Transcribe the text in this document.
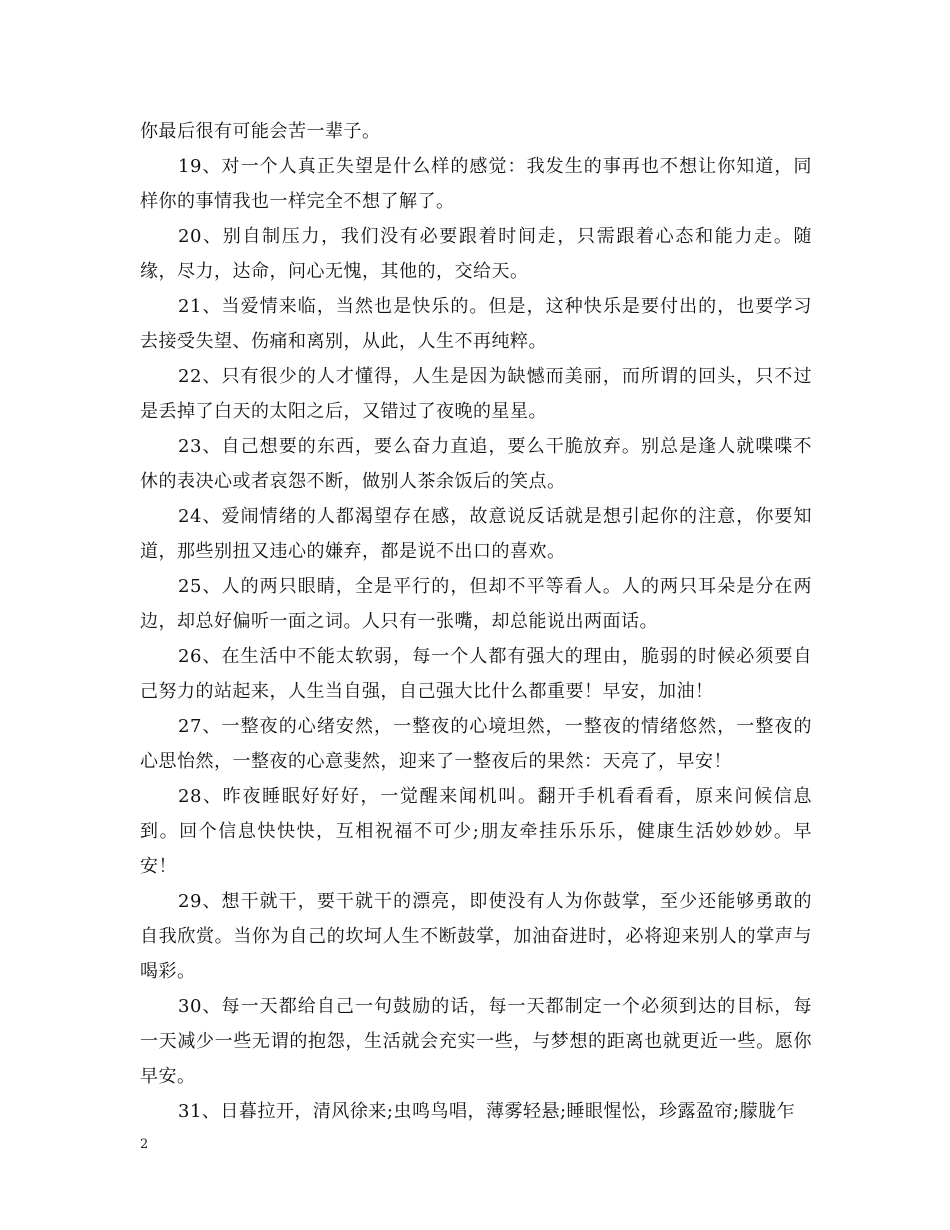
你最后很有可能会苦一辈子。

19、对一个人真正失望是什么样的感觉：我发生的事再也不想让你知道，同样你的事情我也一样完全不想了解了。

20、别自制压力，我们没有必要跟着时间走，只需跟着心态和能力走。随缘，尽力，达命，问心无愧，其他的，交给天。

21、当爱情来临，当然也是快乐的。但是，这种快乐是要付出的，也要学习去接受失望、伤痛和离别，从此，人生不再纯粹。

22、只有很少的人才懂得，人生是因为缺憾而美丽，而所谓的回头，只不过是丢掉了白天的太阳之后，又错过了夜晚的星星。

23、自己想要的东西，要么奋力直追，要么干脆放弃。别总是逢人就喋喋不休的表决心或者哀怨不断，做别人茶余饭后的笑点。

24、爱闹情绪的人都渴望存在感，故意说反话就是想引起你的注意，你要知道，那些别扭又违心的嫌弃，都是说不出口的喜欢。

25、人的两只眼睛，全是平行的，但却不平等看人。人的两只耳朵是分在两边，却总好偏听一面之词。人只有一张嘴，却总能说出两面话。

26、在生活中不能太软弱，每一个人都有强大的理由，脆弱的时候必须要自己努力的站起来，人生当自强，自己强大比什么都重要！早安，加油！

27、一整夜的心绪安然，一整夜的心境坦然，一整夜的情绪悠然，一整夜的心思怡然，一整夜的心意斐然，迎来了一整夜后的果然：天亮了，早安！

28、昨夜睡眠好好好，一觉醒来闻机叫。翻开手机看看看，原来问候信息到。回个信息快快快，互相祝福不可少;朋友牵挂乐乐乐，健康生活妙妙妙。早安！

29、想干就干，要干就干的漂亮，即使没有人为你鼓掌，至少还能够勇敢的自我欣赏。当你为自己的坎坷人生不断鼓掌，加油奋进时，必将迎来别人的掌声与喝彩。

30、每一天都给自己一句鼓励的话，每一天都制定一个必须到达的目标，每一天减少一些无谓的抱怨，生活就会充实一些，与梦想的距离也就更近一些。愿你早安。

31、日暮拉开，清风徐来;虫鸣鸟唱，薄雾轻悬;睡眼惺忪，珍露盈帘;朦胧乍

2
